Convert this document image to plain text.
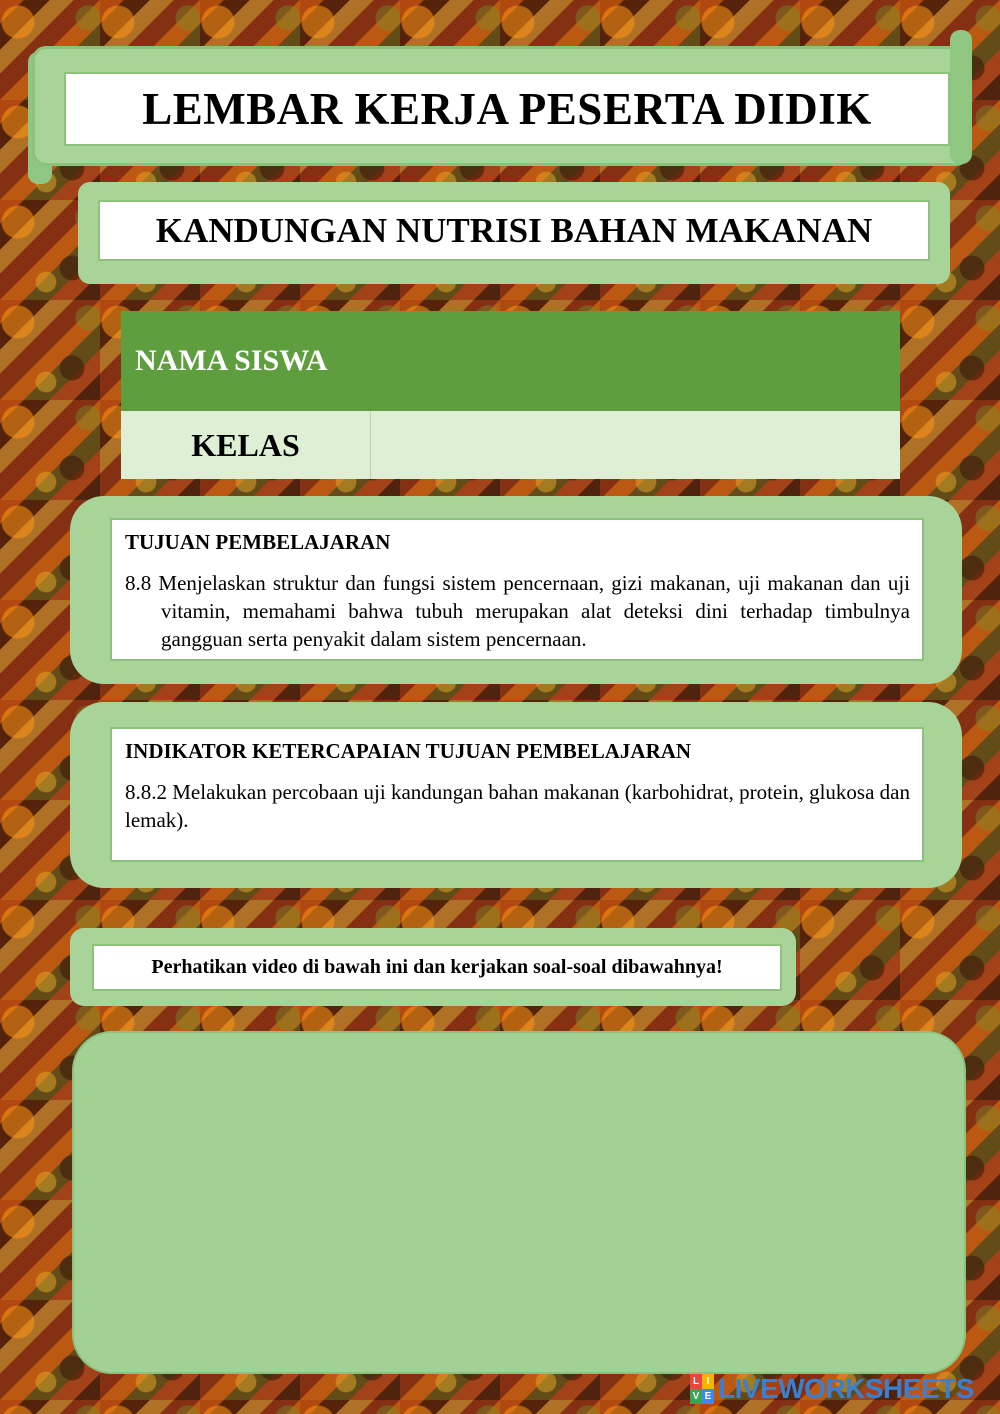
LEMBAR KERJA PESERTA DIDIK
KANDUNGAN NUTRISI BAHAN MAKANAN
NAMA SISWA
KELAS

TUJUAN PEMBELAJARAN

8.8 Menjelaskan struktur dan fungsi sistem pencernaan, gizi makanan, uji makanan dan uji vitamin, memahami bahwa tubuh merupakan alat deteksi dini terhadap timbulnya gangguan serta penyakit dalam sistem pencernaan.

INDIKATOR KETERCAPAIAN TUJUAN PEMBELAJARAN

8.8.2 Melakukan percobaan uji kandungan bahan makanan (karbohidrat, protein, glukosa dan lemak).

Perhatikan video di bawah ini dan kerjakan soal-soal dibawahnya!
L I
V E LIVEWORKSHEETS
